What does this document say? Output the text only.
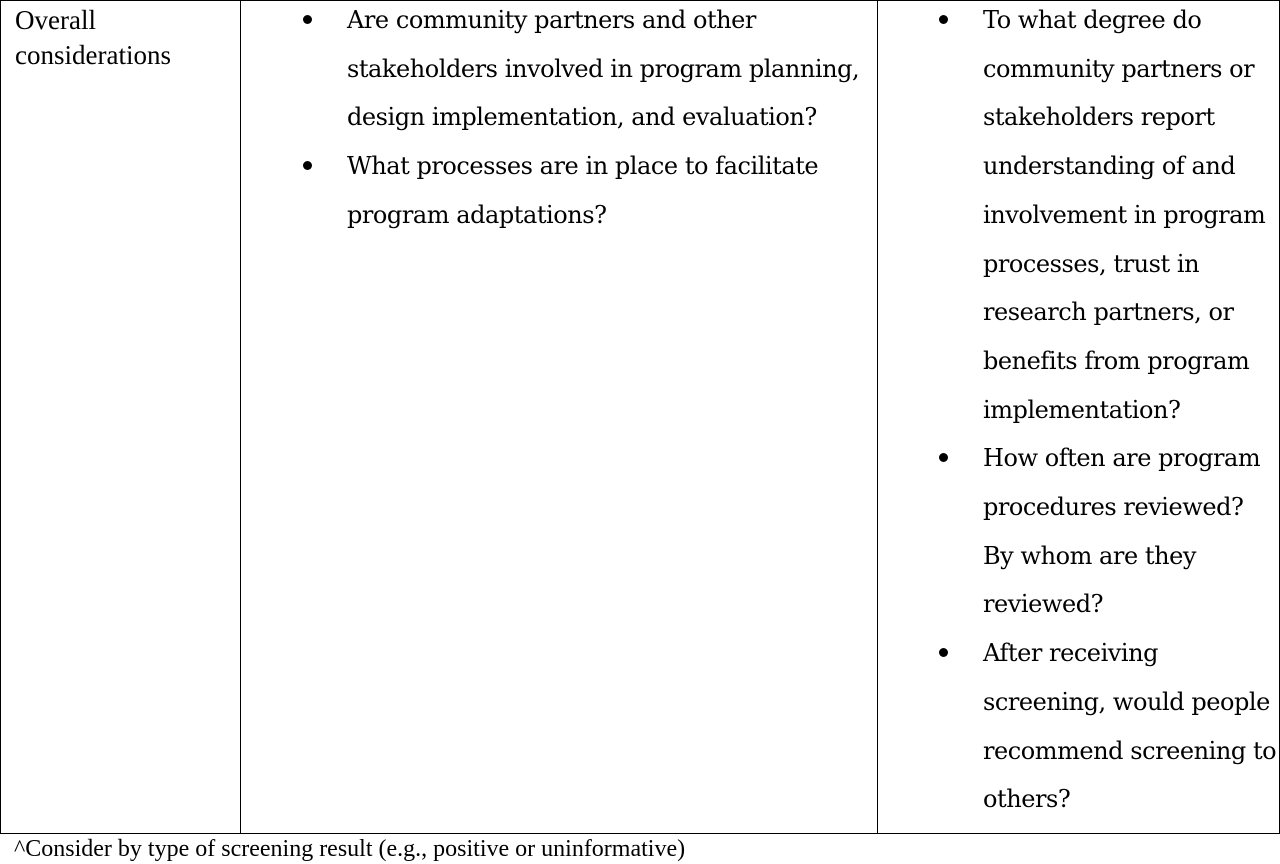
Overall
considerations
Are community partners and other
stakeholders involved in program planning,
design implementation, and evaluation?
What processes are in place to facilitate
program adaptations?
To what degree do
community partners or
stakeholders report
understanding of and
involvement in program
processes, trust in
research partners, or
benefits from program
implementation?
How often are program
procedures reviewed?
By whom are they
reviewed?
After receiving
screening, would people
recommend screening to
others?
^Consider by type of screening result (e.g., positive or uninformative)
